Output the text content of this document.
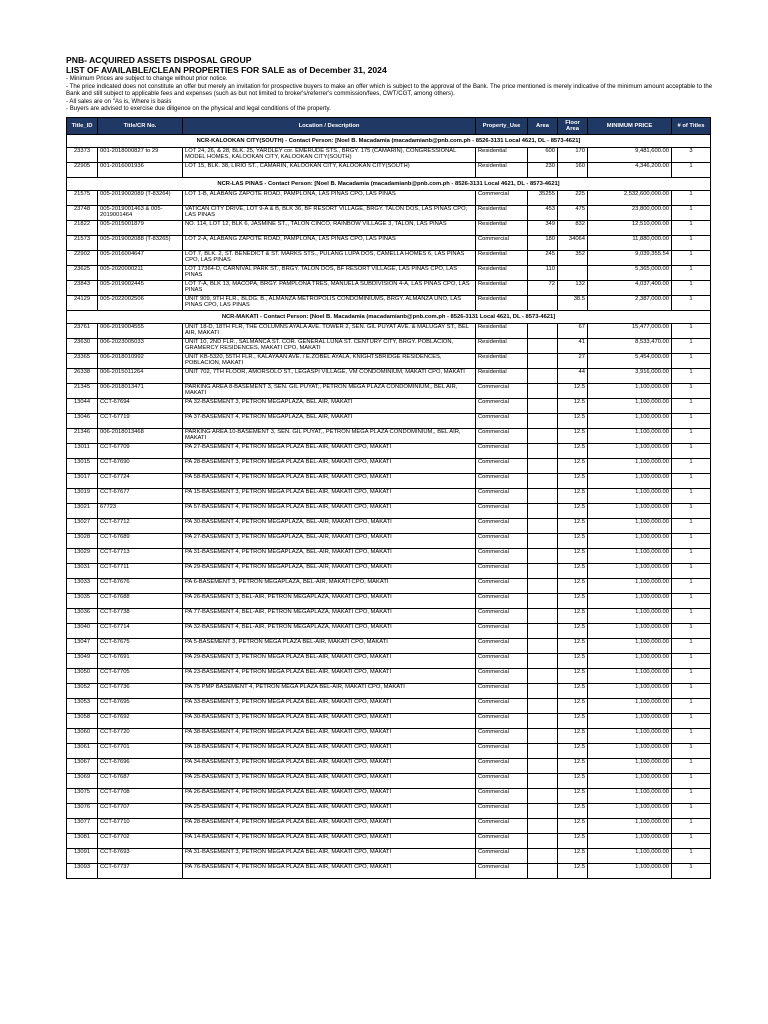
PNB- ACQUIRED ASSETS DISPOSAL GROUP
LIST OF AVAILABLE/CLEAN PROPERTIES FOR SALE as of December 31, 2024
- Minimum Prices are subject to change without prior notice.
- The price indicated does not constitute an offer but merely an invitation for prospective buyers to make an offer which is subject to the approval of the Bank. The price mentioned is merely indicative of the minimum amount acceptable to the Bank and still subject to applicable fees and expenses (such as but not limited to broker's/referrer's commission/fees, CWT/CGT, among others).
- All sales are on "As is, Where is basis
- Buyers are advised to exercise due diligence on the physical and legal conditions of the property.
Title_ID	Title/CR No.	Location / Description	Property_Use	Area	Floor Area	MINIMUM PRICE	# of Titles
NCR-KALOOKAN CITY(SOUTH) - Contact Person: [Noel B. Macadamia (macadamianb@pnb.com.ph - 8526-3131 Local 4621, DL - 8573-4621]							
23373	001-2018000827 to 29	LOT 24, 26, & 28, BLK. 25, YARDLEY cor. EMERUDE STS., BRGY. 175 (CAMARIN), CONGRESSIONAL MODEL HOMES, KALOOKAN CITY, KALOOKAN CITY(SOUTH)	Residential	600	170	9,481,600.00	3
22905	001-2016001936	LOT 15, BLK. 38, LIRIO ST., CAMARIN, KALOOKAN CITY, KALOOKAN CITY(SOUTH)	Residential	230	160	4,346,200.00	1
NCR-LAS PINAS - Contact Person: [Noel B. Macadamia (macadamianb@pnb.com.ph - 8526-3131 Local 4621, DL - 8573-4621]							
21575	005-2019002089 (T-83264)	LOT 1-B, ALABANG ZAPOTE ROAD, PAMPLONA, LAS PINAS CPO, LAS PINAS	Commercial	35255	225	2,532,600,000.00	1
23748	005-2019001463 & 005-2019001464	VATICAN CITY DRIVE, LOT 9-A & B, BLK 36, BF RESORT VILLAGE, BRGY. TALON DOS, LAS PINAS CPO, LAS PINAS	Residential	453	475	23,800,000.00	1
21822	005-2015001879	NO. 114, LOT 12, BLK 6, JASMINE ST.,, TALON CINCO, RAINBOW VILLAGE 3, TALON, LAS PINAS	Residential	349	832	12,510,000.00	1
21573	005-2019002088 (T-83265)	LOT 2-A, ALABANG ZAPOTE ROAD, PAMPLONA, LAS PINAS CPO, LAS PINAS	Commercial	180	34064	11,880,000.00	1
22902	005-2016004647	LOT 7, BLK. 2, ST. BENEDICT & ST. MARKS STS., PULANG LUPA DOS, CAMELLA HOMES 6, LAS PINAS CPO, LAS PINAS	Residential	245	352	9,039,355.54	1
23625	005-2020000211	LOT 17364-D, CARNIVAL PARK ST., BRGY. TALON DOS, BF RESORT VILLAGE, LAS PINAS CPO, LAS PINAS	Residential	110		5,365,000.00	1
23843	005-2019002445	LOT 7-A, BLK 13, MACOPA, BRGY. PAMPLONA TRES, MANUELA SUBDIVISION 4-A, LAS PINAS CPO, LAS PINAS	Residential	72	132	4,037,400.00	1
24129	005-2022002506	UNIT 909, 9TH FLR., BLDG. B., ALMANZA METROPOLIS CONDOMINIUMS, BRGY. ALMANZA UNO, LAS PINAS CPO, LAS PINAS	Residential		38.5	2,387,000.00	1
NCR-MAKATI - Contact Person: [Noel B. Macadamia (macadamianb@pnb.com.ph - 8526-3131 Local 4621, DL - 8573-4621]							
23761	006-2019004555	UNIT 18-D, 18TH FLR, THE COLUMNS AYALA AVE. TOWER 2, SEN. GIL PUYAT AVE. & MALUGAY ST., BEL AIR, MAKATI	Residential		67	15,477,000.00	1
23630	006-2023005033	UNIT 10, 2ND FLR., SALMANCA ST. COR. GENERAL LUNA ST. CENTURY CITY, BRGY. POBLACION, GRAMERCY RESIDENCES, MAKATI CPO, MAKATI	Residential		41	8,533,470.00	1
23365	006-2018010992	UNIT KB-5320, 55TH FLR., KALAYAAN AVE. / E.ZOBEL AYALA, KNIGHTSBRIDGE RESIDENCES, POBLACION, MAKATI	Residential		27	5,454,000.00	1
26338	006-2015011264	UNIT 702, 7TH FLOOR, AMORSOLO ST., LEGASPI VILLAGE, VM CONDOMINIUM, MAKATI CPO, MAKATI	Residential		44	3,916,000.00	1
21345	006-2018013471	PARKING AREA 8-BASEMENT 3, SEN. GIL PUYAT,, PETRON MEGA PLAZA CONDOMINIUM,, BEL AIR, MAKATI	Commercial		12.5	1,100,000.00	1
13044	CCT-67694	PA 32-BASEMENT 3, PETRON MEGAPLAZA, BEL AIR, MAKATI	Commercial		12.5	1,100,000.00	1
13046	CCT-67719	PA 37-BASEMENT 4, PETRON MEGAPLAZA, BEL AIR, MAKATI	Commercial		12.5	1,100,000.00	1
21346	006-2018013468	PARKING AREA 10-BASEMENT 3, SEN. GIL PUYAT,, PETRON MEGA PLAZA CONDOMINIUM,, BEL AIR, MAKATI	Commercial		12.5	1,100,000.00	1
13011	CCT-67709	PA 27-BASEMENT 4, PETRON MEGA PLAZA BEL-AIR, MAKATI CPO, MAKATI	Commercial		12.5	1,100,000.00	1
13015	CCT-67690	PA 28-BASEMENT 3, PETRON MEGA PLAZA BEL-AIR, MAKATI CPO, MAKATI	Commercial		12.5	1,100,000.00	1
13017	CCT-67724	PA 58-BASEMENT 4, PETRON MEGA PLAZA BEL-AIR, MAKATI CPO, MAKATI	Commercial		12.5	1,100,000.00	1
13019	CCT-67677	PA 15-BASEMENT 3, PETRON MEGA PLAZA BEL-AIR, MAKATI CPO, MAKATI	Commercial		12.5	1,100,000.00	1
13021	67723	PA 57-BASEMENT 4, PETRON MEGA PLAZA BEL-AIR, MAKATI CPO, MAKATI	Commercial		12.5	1,100,000.00	1
13027	CCT-67712	PA 30-BASEMENT 4, PETRON MEGAPLAZA, BEL-AIR, MAKATI CPO, MAKATI	Commercial		12.5	1,100,000.00	1
13028	CCT-67689	PA 27-BASEMENT 3, PETRON MEGAPLAZA, BEL-AIR, MAKATI CPO, MAKATI	Commercial		12.5	1,100,000.00	1
13029	CCT-67713	PA 31-BASEMENT 4, PETRON MEGAPLAZA, BEL-AIR, MAKATI CPO, MAKATI	Commercial		12.5	1,100,000.00	1
13031	CCT-67711	PA 29-BASEMENT 4, PETRON MEGAPLAZA, BEL-AIR, MAKATI CPO, MAKATI	Commercial		12.5	1,100,000.00	1
13033	CCT-67676	PA 6-BASEMENT 3, PETRON MEGAPLAZA, BEL-AIR, MAKATI CPO, MAKATI	Commercial		12.5	1,100,000.00	1
13035	CCT-67688	PA 26-BASEMENT 3, BEL-AIR, PETRON MEGAPLAZA, MAKATI CPO, MAKATI	Commercial		12.5	1,100,000.00	1
13036	CCT-67738	PA 77-BASEMENT 4, BEL-AIR, PETRON MEGAPLAZA, MAKATI CPO, MAKATI	Commercial		12.5	1,100,000.00	1
13040	CCT-67714	PA 32-BASEMENT 4, BEL-AIR, PETRON MEGAPLAZA, MAKATI CPO, MAKATI	Commercial		12.5	1,100,000.00	1
13047	CCT-67675	PA 5-BASEMENT 3, PETRON MEGA PLAZA BEL-AIR, MAKATI CPO, MAKATI	Commercial		12.5	1,100,000.00	1
13049	CCT-67691	PA 29-BASEMENT 3, PETRON MEGA PLAZA BEL-AIR, MAKATI CPO, MAKATI	Commercial		12.5	1,100,000.00	1
13050	CCT-67705	PA 23-BASEMENT 4, PETRON MEGA PLAZA BEL-AIR, MAKATI CPO, MAKATI	Commercial		12.5	1,100,000.00	1
13052	CCT-67736	PA 75 PMP BASEMENT 4, PETRON MEGA PLAZA BEL-AIR, MAKATI CPO, MAKATI	Commercial		12.5	1,100,000.00	1
13053	CCT-67695	PA 33-BASEMENT 3, PETRON MEGA PLAZA BEL-AIR, MAKATI CPO, MAKATI	Commercial		12.5	1,100,000.00	1
13058	CCT-67692	PA 30-BASEMENT 3, PETRON MEGA PLAZA BEL-AIR, MAKATI CPO, MAKATI	Commercial		12.5	1,100,000.00	1
13060	CCT-67720	PA 38-BASEMENT 4, PETRON MEGA PLAZA BEL-AIR, MAKATI CPO, MAKATI	Commercial		12.5	1,100,000.00	1
13061	CCT-67701	PA 18-BASEMENT 4, PETRON MEGA PLAZA BEL-AIR, MAKATI CPO, MAKATI	Commercial		12.5	1,100,000.00	1
13067	CCT-67696	PA 34-BASEMENT 3, PETRON MEGA PLAZA BEL-AIR, MAKATI CPO, MAKATI	Commercial		12.5	1,100,000.00	1
13069	CCT-67687	PA 25-BASEMENT 3, PETRON MEGA PLAZA BEL-AIR, MAKATI CPO, MAKATI	Commercial		12.5	1,100,000.00	1
13075	CCT-67708	PA 26-BASEMENT 4, PETRON MEGA PLAZA BEL-AIR, MAKATI CPO, MAKATI	Commercial		12.5	1,100,000.00	1
13076	CCT-67707	PA 25-BASEMENT 4, PETRON MEGA PLAZA BEL-AIR, MAKATI CPO, MAKATI	Commercial		12.5	1,100,000.00	1
13077	CCT-67710	PA 28-BASEMENT 4, PETRON MEGA PLAZA BEL-AIR, MAKATI CPO, MAKATI	Commercial		12.5	1,100,000.00	1
13081	CCT-67702	PA 14-BASEMENT 4, PETRON MEGA PLAZA BEL-AIR, MAKATI CPO, MAKATI	Commercial		12.5	1,100,000.00	1
13091	CCT-67693	PA 31-BASEMENT 3, PETRON MEGA PLAZA BEL-AIR, MAKATI CPO, MAKATI	Commercial		12.5	1,100,000.00	1
13093	CCT-67737	PA 76-BASEMENT 4, PETRON MEGA PLAZA BEL-AIR, MAKATI CPO, MAKATI	Commercial		12.5	1,100,000.00	1
